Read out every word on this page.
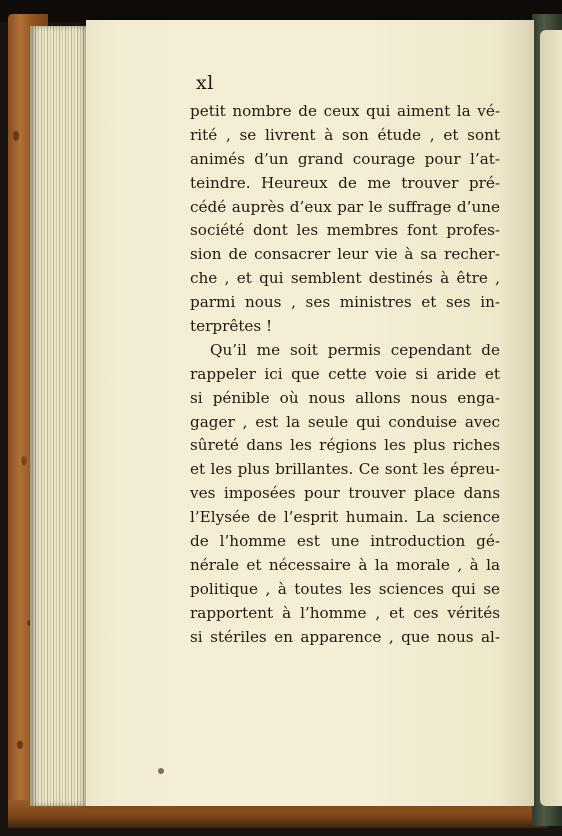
xl
petit nombre de ceux qui aiment la vé-
rité , se livrent à son étude , et sont
animés d’un grand courage pour l’at-
teindre. Heureux de me trouver pré-
cédé auprès d’eux par le suffrage d’une
société dont les membres font profes-
sion de consacrer leur vie à sa recher-
che , et qui semblent destinés à être ,
parmi nous , ses ministres et ses in-
terprêtes !
Qu’il me soit permis cependant de
rappeler ici que cette voie si aride et
si pénible où nous allons nous enga-
gager , est la seule qui conduise avec
sûreté dans les régions les plus riches
et les plus brillantes. Ce sont les épreu-
ves imposées pour trouver place dans
l’Elysée de l’esprit humain. La science
de l’homme est une introduction gé-
nérale et nécessaire à la morale , à la
politique , à toutes les sciences qui se
rapportent à l’homme , et ces vérités
si stériles en apparence , que nous al-
